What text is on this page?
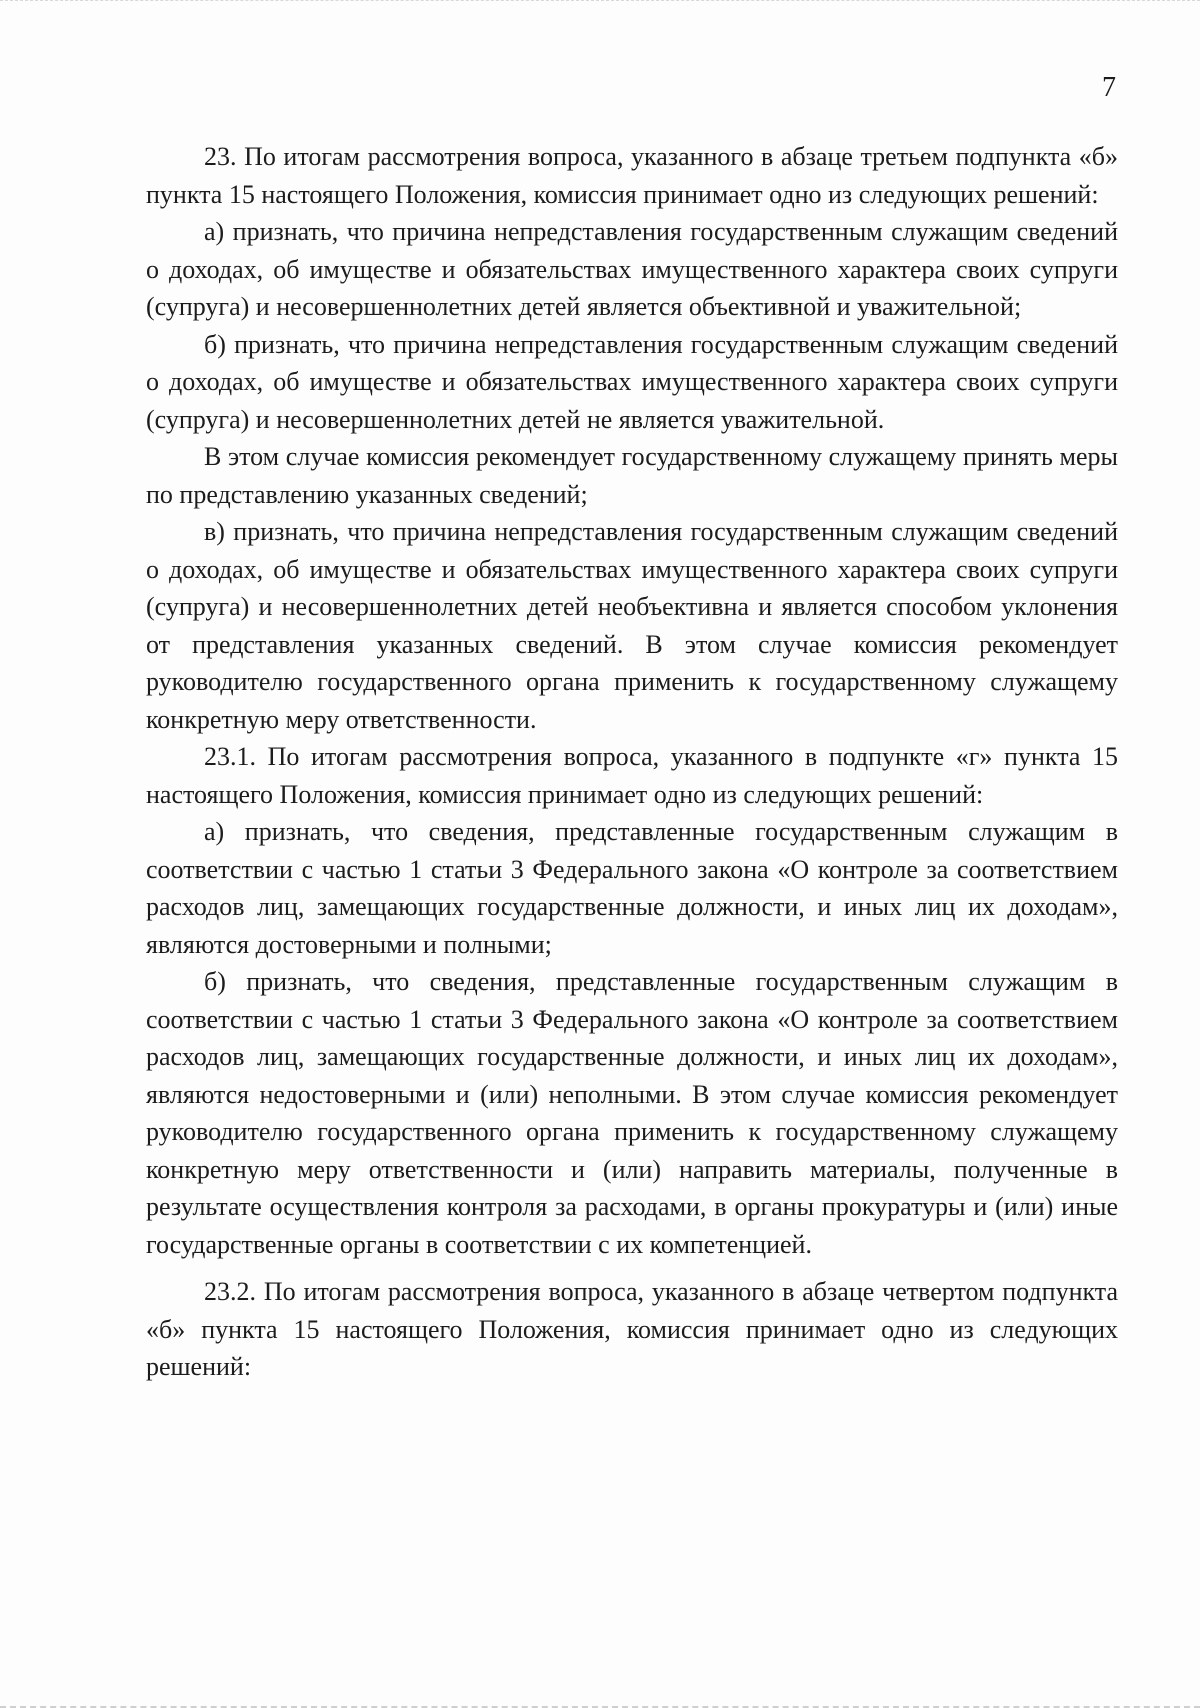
7

23. По итогам рассмотрения вопроса, указанного в абзаце третьем подпункта «б» пункта 15 настоящего Положения, комиссия принимает одно из следующих решений:

а) признать, что причина непредставления государственным служащим сведений о доходах, об имуществе и обязательствах имущественного характера своих супруги (супруга) и несовершеннолетних детей является объективной и уважительной;

б) признать, что причина непредставления государственным служащим сведений о доходах, об имуществе и обязательствах имущественного характера своих супруги (супруга) и несовершеннолетних детей не является уважительной.

В этом случае комиссия рекомендует государственному служащему принять меры по представлению указанных сведений;

в) признать, что причина непредставления государственным служащим сведений о доходах, об имуществе и обязательствах имущественного характера своих супруги (супруга) и несовершеннолетних детей необъективна и является способом уклонения от представления указанных сведений. В этом случае комиссия рекомендует руководителю государственного органа применить к государственному служащему конкретную меру ответственности.

23.1. По итогам рассмотрения вопроса, указанного в подпункте «г» пункта 15 настоящего Положения, комиссия принимает одно из следующих решений:

а) признать, что сведения, представленные государственным служащим в соответствии с частью 1 статьи 3 Федерального закона «О контроле за соответствием расходов лиц, замещающих государственные должности, и иных лиц их доходам», являются достоверными и полными;

б) признать, что сведения, представленные государственным служащим в соответствии с частью 1 статьи 3 Федерального закона «О контроле за соответствием расходов лиц, замещающих государственные должности, и иных лиц их доходам», являются недостоверными и (или) неполными. В этом случае комиссия рекомендует руководителю государственного органа применить к государственному служащему конкретную меру ответственности и (или) направить материалы, полученные в результате осуществления контроля за расходами, в органы прокуратуры и (или) иные государственные органы в соответствии с их компетенцией.

23.2. По итогам рассмотрения вопроса, указанного в абзаце четвертом подпункта «б» пункта 15 настоящего Положения, комиссия принимает одно из следующих решений:
